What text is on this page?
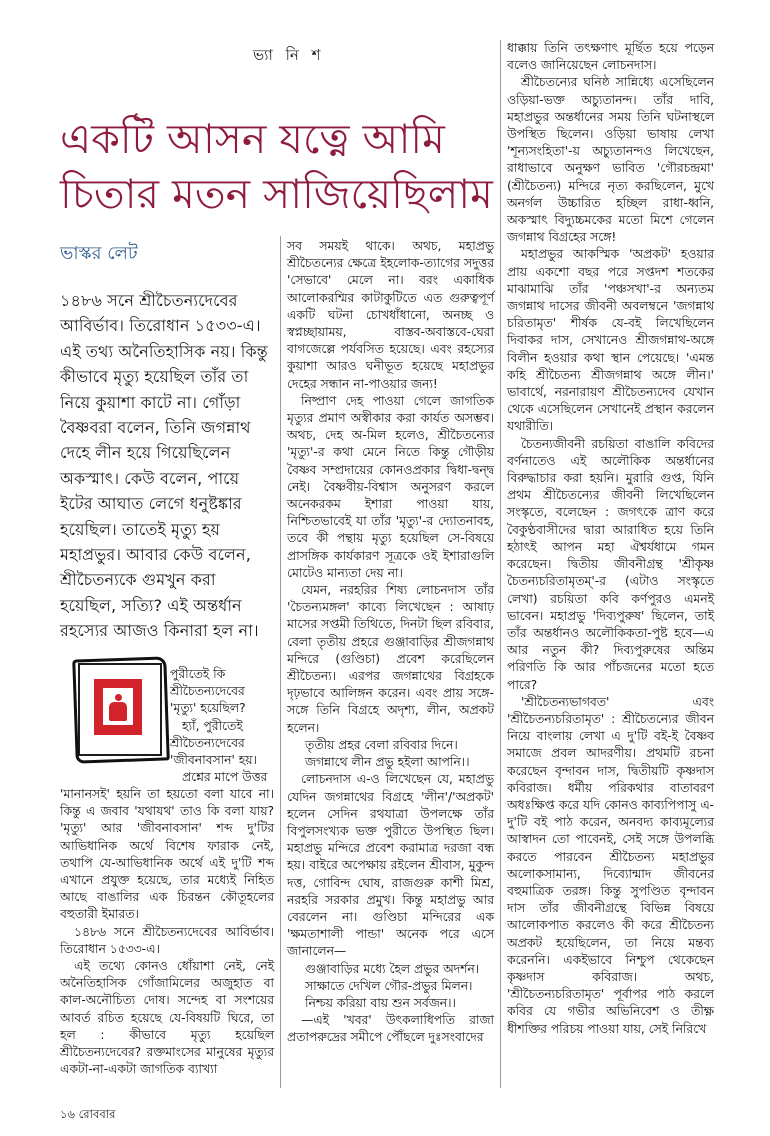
ভ্যা নি শ
একটি আসন যত্নে আমি
চিতার মতন সাজিয়েছিলাম
ভাস্কর লেট

১৪৮৬ সনে শ্রীচৈতন্যদেবের আবির্ভাব। তিরোধান ১৫৩৩-এ। এই তথ্য অনৈতিহাসিক নয়। কিন্তু কীভাবে মৃত্যু হয়েছিল তাঁর তা নিয়ে কুয়াশা কাটে না। গোঁড়া বৈষ্ণবরা বলেন, তিনি জগন্নাথ দেহে লীন হয়ে গিয়েছিলেন অকস্মাৎ। কেউ বলেন, পায়ে ইটের আঘাত লেগে ধনুষ্টঙ্কার হয়েছিল। তাতেই মৃত্যু হয় মহাপ্রভুর। আবার কেউ বলেন, শ্রীচৈতন্যকে গুমখুন করা হয়েছিল, সত্যি? এই অন্তর্ধান রহস্যের আজও কিনারা হল না।

পুরীতেই কি
শ্রীচৈতন্যদেবের
'মৃত্যু' হয়েছিল?
হ্যাঁ, পুরীতেই
শ্রীচৈতন্যদেবের
'জীবনাবসান' হয়।
প্রশ্নের মাপে উত্তর

'মানানসই' হয়নি তা হয়তো বলা যাবে না। কিন্তু এ জবাব 'যথাযথ' তাও কি বলা যায়? 'মৃত্যু' আর 'জীবনাবসান' শব্দ দু'টির আভিধানিক অর্থে বিশেষ ফারাক নেই, তথাপি যে-আভিধানিক অর্থে এই দু'টি শব্দ এখানে প্রযুক্ত হয়েছে, তার মধ্যেই নিহিত আছে বাঙালির এক চিরন্তন কৌতূহলের বহুতারী ইমারত।

১৪৮৬ সনে শ্রীচৈতন্যদেবের আবির্ভাব। তিরোধান ১৫৩৩-এ।

এই তথ্যে কোনও ধোঁয়াশা নেই, নেই অনৈতিহাসিক গোঁজামিলের অজুহাত বা কাল-অনৌচিত্য দোষ। সন্দেহ বা সংশয়ের আবর্ত রচিত হয়েছে যে-বিষয়টি ঘিরে, তা হল : কীভাবে মৃত্যু হয়েছিল শ্রীচৈতন্যদেবের? রক্তমাংসের মানুষের মৃত্যুর একটা-না-একটা জাগতিক ব্যাখ্যা

সব সময়ই থাকে। অথচ, মহাপ্রভু শ্রীচৈতন্যের ক্ষেত্রে ইহলোক-ত্যাগের সদুত্তর 'সেভাবে' মেলে না। বরং একাধিক আলোকরশ্মির কাটাকুটিতে এত গুরুত্বপূর্ণ একটি ঘটনা চোখধাঁধানো, অনচ্ছ ও স্বপ্নচ্ছায়াময়, বাস্তব-অবাস্তবে-ঘেরা বাগজেল্লে পর্যবসিত হয়েছে। এবং রহস্যের কুয়াশা আরও ঘনীভূত হয়েছে মহাপ্রভুর দেহের সন্ধান না-পাওয়ার জন্য!

নিষ্প্রাণ দেহ পাওয়া গেলে জাগতিক মৃত্যুর প্রমাণ অস্বীকার করা কার্যত অসম্ভব। অথচ, দেহ অ-মিল হলেও, শ্রীচৈতন্যের 'মৃত্যু'-র কথা মেনে নিতে কিন্তু গৌড়ীয় বৈষ্ণব সম্প্রদায়ের কোনওপ্রকার দ্বিধা-দ্বন্দ্ব নেই। বৈষ্ণবীয়-বিশ্বাস অনুসরণ করলে অনেকরকম ইশারা পাওয়া যায়, নিশ্চিতভাবেই যা তাঁর 'মৃত্যু'-র দ্যোতনাবহ, তবে কী পন্থায় মৃত্যু হয়েছিল সে-বিষয়ে প্রাসঙ্গিক কার্যকারণ সূত্রকে ওই ইশারাগুলি মোটেও মান্যতা দেয় না।

যেমন, নরহরির শিষ্য লোচনদাস তাঁর 'চৈতন্যমঙ্গল' কাব্যে লিখেছেন : আষাঢ় মাসের সপ্তমী তিথিতে, দিনটা ছিল রবিবার, বেলা তৃতীয় প্রহরে গুঞ্জাবাড়ির শ্রীজগন্নাথ মন্দিরে (গুণ্ডিচা) প্রবেশ করেছিলেন শ্রীচৈতন্য। এরপর জগন্নাথের বিগ্রহকে দৃঢ়ভাবে আলিঙ্গন করেন। এবং প্রায় সঙ্গে-সঙ্গে তিনি বিগ্রহে অদৃশ্য, লীন, অপ্রকট হলেন।

তৃতীয় প্রহর বেলা রবিবার দিনে।

জগন্নাথে লীন প্রভু হইলা আপনি।।

লোচনদাস এ-ও লিখেছেন যে, মহাপ্রভু যেদিন জগন্নাথের বিগ্রহে 'লীন'/'অপ্রকট' হলেন সেদিন রথযাত্রা উপলক্ষে তাঁর বিপুলসংখ্যক ভক্ত পুরীতে উপস্থিত ছিল। মহাপ্রভু মন্দিরে প্রবেশ করামাত্র দরজা বন্ধ হয়। বাইরে অপেক্ষায় রইলেন শ্রীবাস, মুকুন্দ দত্ত, গোবিন্দ ঘোষ, রাজগুরু কাশী মিশ্র, নরহরি সরকার প্রমুখ। কিন্তু মহাপ্রভু আর বেরলেন না। গুণ্ডিচা মন্দিরের এক 'ক্ষমতাশালী পান্ডা' অনেক পরে এসে জানালেন—

গুঞ্জাবাড়ির মধ্যে হৈল প্রভুর অদর্শন।

সাক্ষাতে দেখিল গৌর-প্রভুর মিলন।

নিশ্চয় করিয়া বায় শুন সর্বজন।।

—এই 'খবর' উৎকলাধিপতি রাজা প্রতাপরুদ্রের সমীপে পৌঁছলে দুঃসংবাদের

ধাক্কায় তিনি তৎক্ষণাৎ মূর্ছিত হয়ে পড়েন বলেও জানিয়েছেন লোচনদাস।

শ্রীচৈতন্যের ঘনিষ্ঠ সান্নিধ্যে এসেছিলেন ওড়িয়া-ভক্ত অচ্যুতানন্দ। তাঁর দাবি, মহাপ্রভুর অন্তর্ধানের সময় তিনি ঘটনাস্থলে উপস্থিত ছিলেন। ওড়িয়া ভাষায় লেখা 'শূন্যসংহিতা'-য় অচ্যুতানন্দও লিখেছেন, রাধাভাবে অনুক্ষণ ভাবিত 'গৌরচন্দ্রমা' (শ্রীচৈতন্য) মন্দিরে নৃত্য করছিলেন, মুখে অনর্গল উচ্চারিত হচ্ছিল রাধা-ধ্বনি, অকস্মাৎ বিদ্যুচ্চমকের মতো মিশে গেলেন জগন্নাথ বিগ্রহের সঙ্গে!

মহাপ্রভুর আকস্মিক 'অপ্রকট' হওয়ার প্রায় একশো বছর পরে সপ্তদশ শতকের মাঝামাঝি তাঁর 'পঞ্চসখা'-র অন্যতম জগন্নাথ দাসের জীবনী অবলম্বনে 'জগন্নাথ চরিতামৃত' শীর্ষক যে-বই লিখেছিলেন দিবাকর দাস, সেখানেও শ্রীজগন্নাথ-অঙ্গে বিলীন হওয়ার কথা স্থান পেয়েছে। 'এমন্ত কহি শ্রীচৈতন্য শ্রীজগন্নাথ অঙ্গে লীন।' ভাবার্থে, নরনারায়ণ শ্রীচৈতন্যদেব যেখান থেকে এসেছিলেন সেখানেই প্রস্থান করলেন যথারীতি।

চৈতন্যজীবনী রচয়িতা বাঙালি কবিদের বর্ণনাতেও এই অলৌকিক অন্তর্ধানের বিরুদ্ধাচার করা হয়নি। মুরারি গুপ্ত, যিনি প্রথম শ্রীচৈতন্যের জীবনী লিখেছিলেন সংস্কৃতে, বলেছেন : জগৎকে ত্রাণ করে বৈকুণ্ঠবাসীদের দ্বারা আরাধিত হয়ে তিনি হঠাৎই আপন মহা ঐশ্বর্যধামে গমন করেছেন। দ্বিতীয় জীবনীগ্রন্থ 'শ্রীকৃষ্ণ চৈতন্যচরিতামৃতম্'-র (এটাও সংস্কৃতে লেখা) রচয়িতা কবি কর্ণপুরও এমনই ভাবেন। মহাপ্রভু 'দিব্যপুরুষ' ছিলেন, তাই তাঁর অন্তর্ধানও অলৌকিকতা-পুষ্ট হবে—এ আর নতুন কী? দিব্যপুরুষের অন্তিম পরিণতি কি আর পাঁচজনের মতো হতে পারে?

'শ্রীচৈতন্যভাগবত' এবং 'শ্রীচৈতন্যচরিতামৃত' : শ্রীচৈতন্যের জীবন নিয়ে বাংলায় লেখা এ দু'টি বই-ই বৈষ্ণব সমাজে প্রবল আদরণীয়। প্রথমটি রচনা করেছেন বৃন্দাবন দাস, দ্বিতীয়টি কৃষ্ণদাস কবিরাজ। ধর্মীয় পরিকথার বাতাবরণ অধঃক্ষিপ্ত করে যদি কোনও কাব্যপিপাসু এ-দু'টি বই পাঠ করেন, অনবদ্য কাব্যমূল্যের আস্বাদন তো পাবেনই, সেই সঙ্গে উপলব্ধি করতে পারবেন শ্রীচৈতন্য মহাপ্রভুর অলোকসামান্য, দিব্যোন্মাদ জীবনের বহুমাত্রিক তরঙ্গ। কিন্তু সুপণ্ডিত বৃন্দাবন দাস তাঁর জীবনীগ্রন্থে বিভিন্ন বিষয়ে আলোকপাত করলেও কী করে শ্রীচৈতন্য অপ্রকট হয়েছিলেন, তা নিয়ে মন্তব্য করেননি। একইভাবে নিশ্চুপ থেকেছেন কৃষ্ণদাস কবিরাজ। অথচ, 'শ্রীচৈতন্যচরিতামৃত' পূর্বাপর পাঠ করলে কবির যে গভীর অভিনিবেশ ও তীক্ষ্ণ ধীশক্তির পরিচয় পাওয়া যায়, সেই নিরিখে

১৬ রোববার
